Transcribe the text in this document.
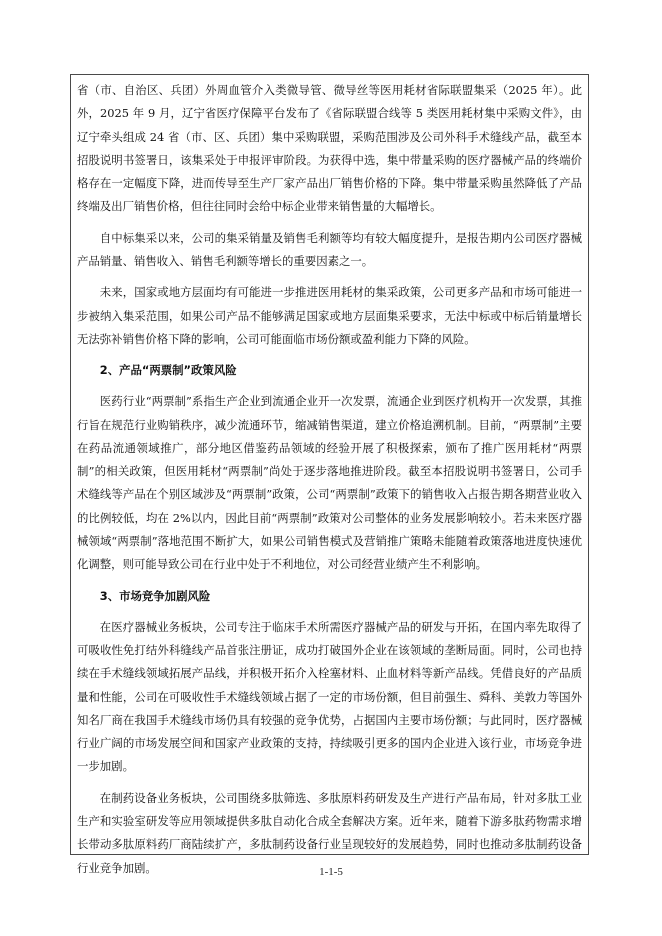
省（市、自治区、兵团）外周血管介入类微导管、微导丝等医用耗材省际联盟集采（2025 年）。此外，2025 年 9 月，辽宁省医疗保障平台发布了《省际联盟合线等 5 类医用耗材集中采购文件》，由辽宁牵头组成 24 省（市、区、兵团）集中采购联盟，采购范围涉及公司外科手术缝线产品，截至本招股说明书签署日，该集采处于申报评审阶段。为获得中选，集中带量采购的医疗器械产品的终端价格存在一定幅度下降，进而传导至生产厂家产品出厂销售价格的下降。集中带量采购虽然降低了产品终端及出厂销售价格，但往往同时会给中标企业带来销售量的大幅增长。

自中标集采以来，公司的集采销量及销售毛利额等均有较大幅度提升，是报告期内公司医疗器械产品销量、销售收入、销售毛利额等增长的重要因素之一。

未来，国家或地方层面均有可能进一步推进医用耗材的集采政策，公司更多产品和市场可能进一步被纳入集采范围，如果公司产品不能够满足国家或地方层面集采要求，无法中标或中标后销量增长无法弥补销售价格下降的影响，公司可能面临市场份额或盈利能力下降的风险。

2、产品“两票制”政策风险

医药行业“两票制”系指生产企业到流通企业开一次发票，流通企业到医疗机构开一次发票，其推行旨在规范行业购销秩序，减少流通环节，缩减销售渠道，建立价格追溯机制。目前，“两票制”主要在药品流通领域推广，部分地区借鉴药品领域的经验开展了积极探索，颁布了推广医用耗材“两票制”的相关政策，但医用耗材“两票制”尚处于逐步落地推进阶段。截至本招股说明书签署日，公司手术缝线等产品在个别区域涉及“两票制”政策，公司“两票制”政策下的销售收入占报告期各期营业收入的比例较低，均在 2%以内，因此目前“两票制”政策对公司整体的业务发展影响较小。若未来医疗器械领域“两票制”落地范围不断扩大，如果公司销售模式及营销推广策略未能随着政策落地进度快速优化调整，则可能导致公司在行业中处于不利地位，对公司经营业绩产生不利影响。

3、市场竞争加剧风险

在医疗器械业务板块，公司专注于临床手术所需医疗器械产品的研发与开拓，在国内率先取得了可吸收性免打结外科缝线产品首张注册证，成功打破国外企业在该领域的垄断局面。同时，公司也持续在手术缝线领域拓展产品线，并积极开拓介入栓塞材料、止血材料等新产品线。凭借良好的产品质量和性能，公司在可吸收性手术缝线领域占据了一定的市场份额，但目前强生、舜科、美敦力等国外知名厂商在我国手术缝线市场仍具有较强的竞争优势，占据国内主要市场份额；与此同时，医疗器械行业广阔的市场发展空间和国家产业政策的支持，持续吸引更多的国内企业进入该行业，市场竞争进一步加剧。

在制药设备业务板块，公司围绕多肽筛选、多肽原料药研发及生产进行产品布局，针对多肽工业生产和实验室研发等应用领域提供多肽自动化合成全套解决方案。近年来，随着下游多肽药物需求增长带动多肽原料药厂商陆续扩产，多肽制药设备行业呈现较好的发展趋势，同时也推动多肽制药设备行业竞争加剧。	1-1-5
